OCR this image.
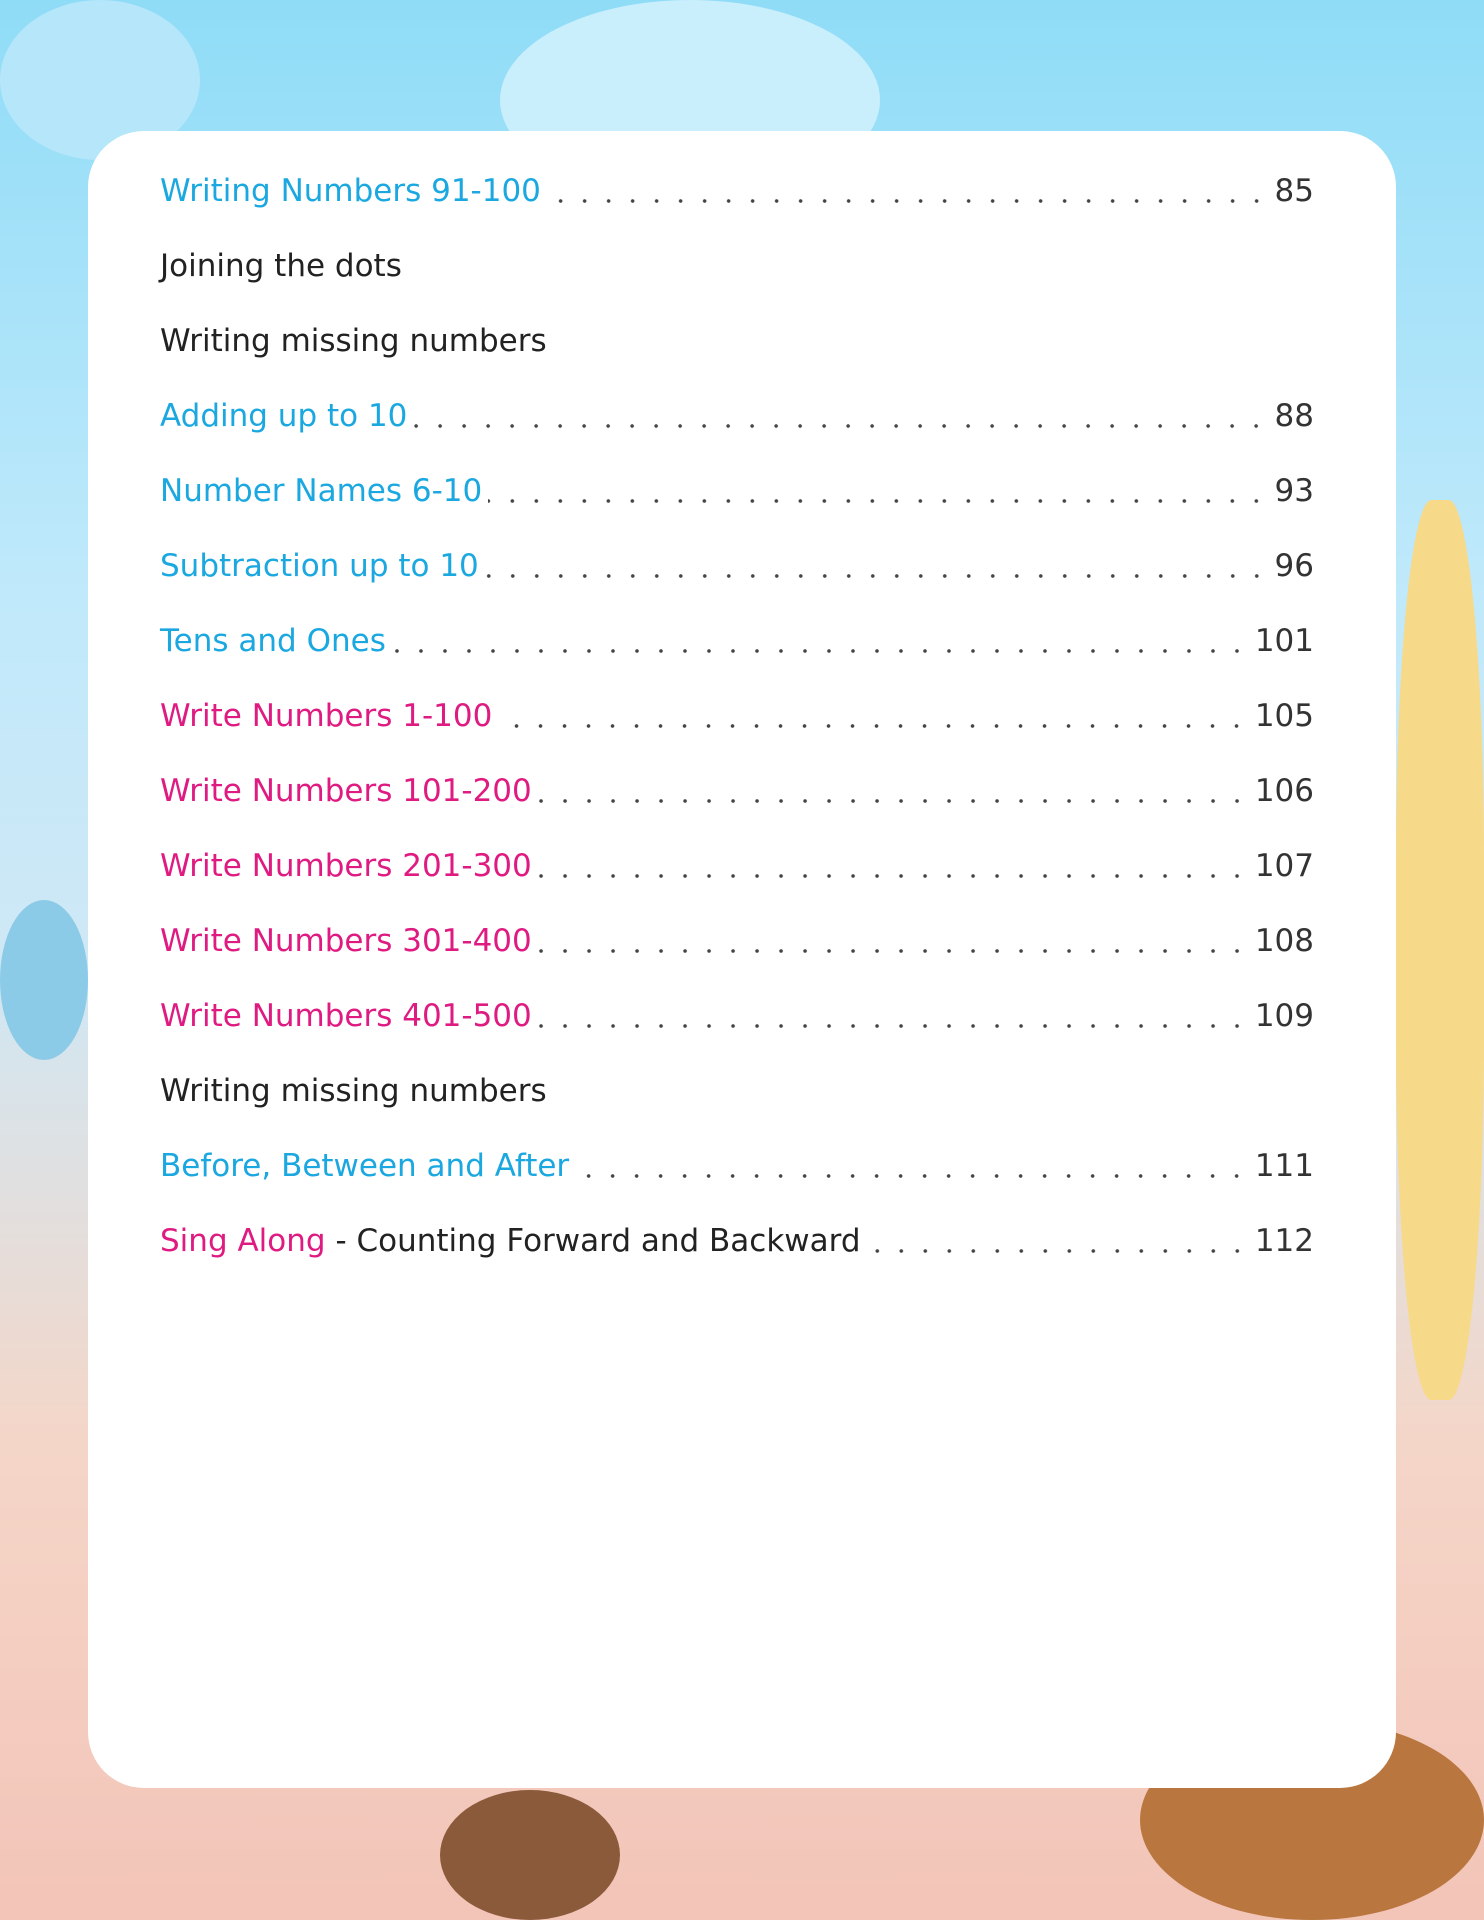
Writing Numbers 91-100	85
Joining the dots
Writing missing numbers
Adding up to 10	88
Number Names 6-10	93
Subtraction up to 10	96
Tens and Ones	101
Write Numbers 1-100	105
Write Numbers 101-200	106
Write Numbers 201-300	107
Write Numbers 301-400	108
Write Numbers 401-500	109
Writing missing numbers
Before, Between and After	111
Sing Along - Counting Forward and Backward	112
